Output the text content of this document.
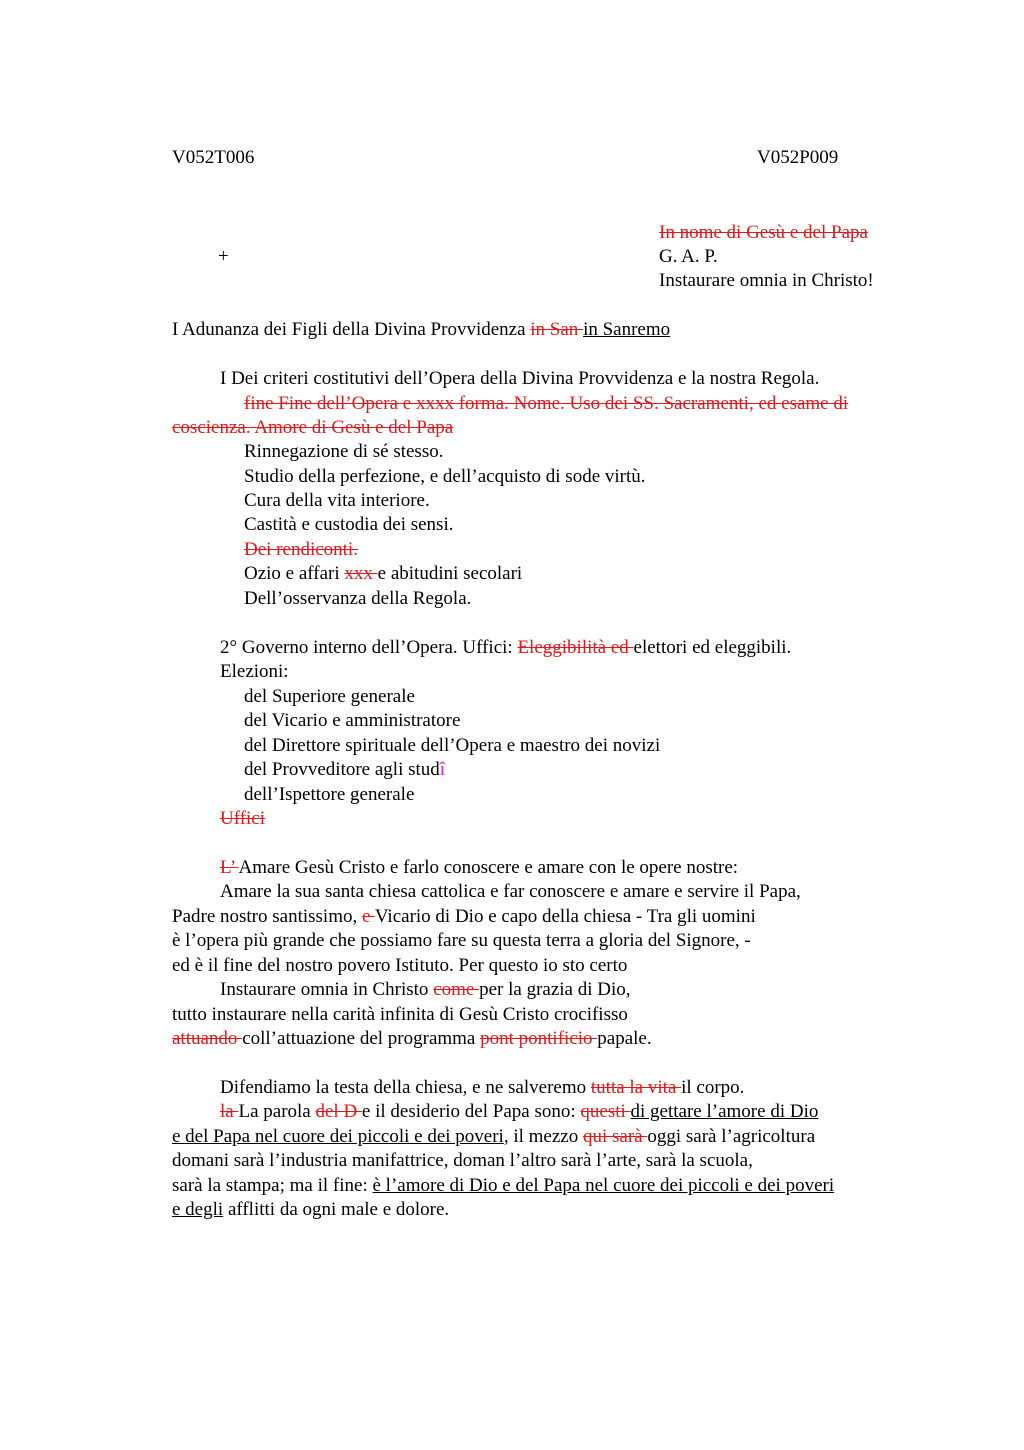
V052T006	V052P009
In nome di Gesù e del Papa
+	G. A. P.
Instaurare omnia in Christo!
I Adunanza dei Figli della Divina Provvidenza in San in Sanremo
I Dei criteri costitutivi dell’Opera della Divina Provvidenza e la nostra Regola.
fine Fine dell’Opera e xxxx forma. Nome. Uso dei SS. Sacramenti, ed esame di
coscienza. Amore di Gesù e del Papa
Rinnegazione di sé stesso.
Studio della perfezione, e dell’acquisto di sode virtù.
Cura della vita interiore.
Castità e custodia dei sensi.
Dei rendiconti.
Ozio e affari xxx e abitudini secolari
Dell’osservanza della Regola.
2° Governo interno dell’Opera. Uffici: Eleggibilità ed elettori ed eleggibili.
Elezioni:
del Superiore generale
del Vicario e amministratore
del Direttore spirituale dell’Opera e maestro dei novizi
del Provveditore agli studî
dell’Ispettore generale
Uffici
L’ Amare Gesù Cristo e farlo conoscere e amare con le opere nostre:
Amare la sua santa chiesa cattolica e far conoscere e amare e servire il Papa,
Padre nostro santissimo, e Vicario di Dio e capo della chiesa - Tra gli uomini
è l’opera più grande che possiamo fare su questa terra a gloria del Signore, -
ed è il fine del nostro povero Istituto. Per questo io sto certo
Instaurare omnia in Christo come per la grazia di Dio,
tutto instaurare nella carità infinita di Gesù Cristo crocifisso
attuando coll’attuazione del programma pont pontificio papale.
Difendiamo la testa della chiesa, e ne salveremo tutta la vita il corpo.
la La parola del D e il desiderio del Papa sono: questi di gettare l’amore di Dio
e del Papa nel cuore dei piccoli e dei poveri, il mezzo qui sarà oggi sarà l’agricoltura
domani sarà l’industria manifattrice, doman l’altro sarà l’arte, sarà la scuola,
sarà la stampa; ma il fine: è l’amore di Dio e del Papa nel cuore dei piccoli e dei poveri
e degli afflitti da ogni male e dolore.
